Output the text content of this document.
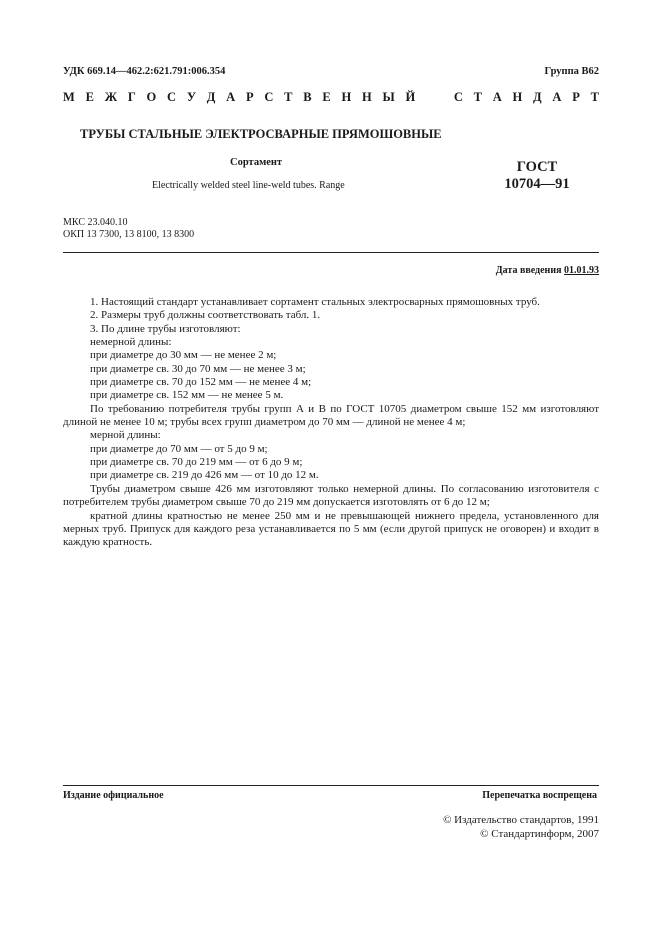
УДК 669.14—462.2:621.791:006.354	Группа В62
М Е Ж Г О С У Д А Р С Т В Е Н Н Ы Й

	С Т А Н Д А Р Т
ТРУБЫ СТАЛЬНЫЕ ЭЛЕКТРОСВАРНЫЕ ПРЯМОШОВНЫЕ
Сортамент
Electrically welded steel line-weld tubes. Range
ГОСТ
10704—91
МКС 23.040.10
ОКП 13 7300, 13 8100, 13 8300
Дата введения 01.01.93

1. Настоящий стандарт устанавливает сортамент стальных электросварных прямошовных труб.

2. Размеры труб должны соответствовать табл. 1.

3. По длине трубы изготовляют:

немерной длины:

при диаметре до 30 мм — не менее 2 м;

при диаметре св. 30 до 70 мм — не менее 3 м;

при диаметре св. 70 до 152 мм — не менее 4 м;

при диаметре св. 152 мм — не менее 5 м.

По требованию потребителя трубы групп А и В по ГОСТ 10705 диаметром свыше 152 мм изготовляют длиной не менее 10 м; трубы всех групп диаметром до 70 мм — длиной не менее 4 м;

мерной длины:

при диаметре до 70 мм — от 5 до 9 м;

при диаметре св. 70 до 219 мм — от 6 до 9 м;

при диаметре св. 219 до 426 мм — от 10 до 12 м.

Трубы диаметром свыше 426 мм изготовляют только немерной длины. По согласованию изготовителя с потребителем трубы диаметром свыше 70 до 219 мм допускается изготовлять от 6 до 12 м;

кратной длины кратностью не менее 250 мм и не превышающей нижнего предела, установленного для мерных труб. Припуск для каждого реза устанавливается по 5 мм (если другой припуск не оговорен) и входит в каждую кратность.

Издание официальное	Перепечатка воспрещена
© Издательство стандартов, 1991
© Стандартинформ, 2007
